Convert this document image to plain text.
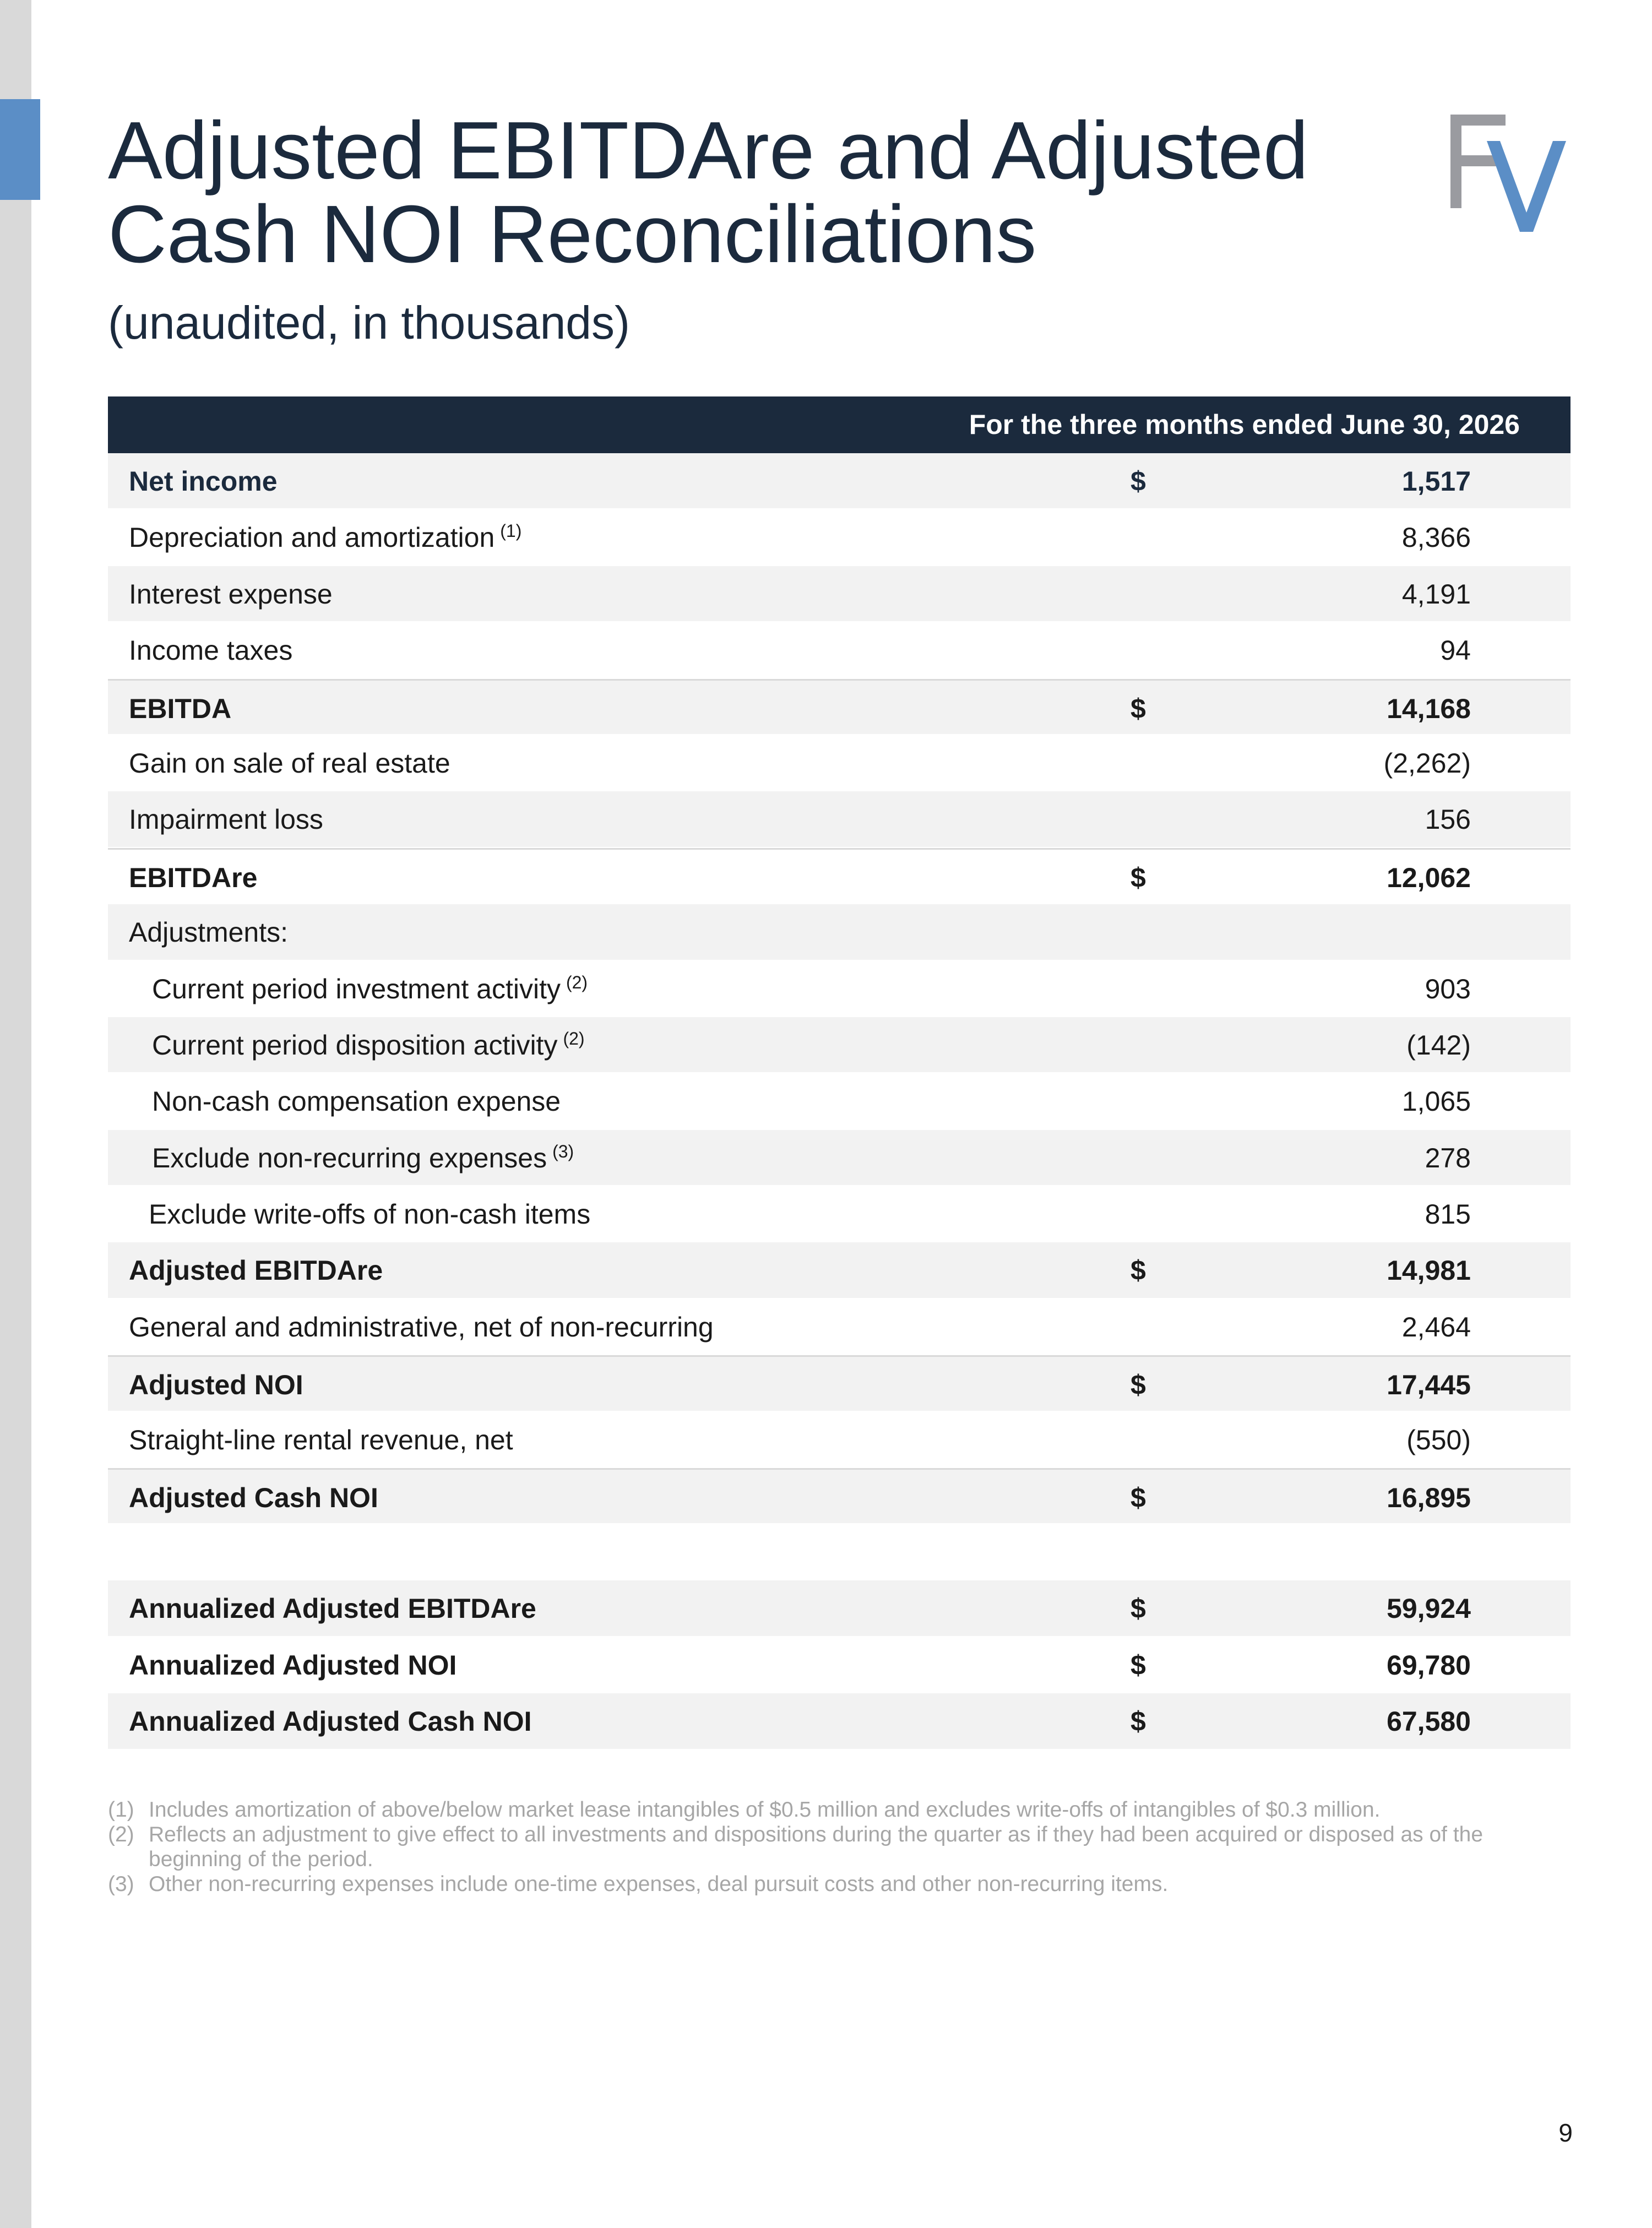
Adjusted EBITDAre and Adjusted
Cash NOI Reconciliations
(unaudited, in thousands)
For the three months ended June 30, 2026
Net income	$	1,517
Depreciation and amortization $^{(1)}$	8,366
Interest expense	4,191
Income taxes	94
EBITDA	$	14,168
Gain on sale of real estate	(2,262)
Impairment loss	156
EBITDAre	$	12,062
Adjustments:
Current period investment activity $^{(2)}$	903
Current period disposition activity $^{(2)}$	(142)
Non-cash compensation expense	1,065
Exclude non-recurring expenses $^{(3)}$	278
Exclude write-offs of non-cash items	815
Adjusted EBITDAre	$	14,981
General and administrative, net of non-recurring	2,464
Adjusted NOI	$	17,445
Straight-line rental revenue, net	(550)
Adjusted Cash NOI	$	16,895
Annualized Adjusted EBITDAre	$	59,924
Annualized Adjusted NOI	$	69,780
Annualized Adjusted Cash NOI	$	67,580
(1) Includes amortization of above/below market lease intangibles of $0.5 million and excludes write-offs of intangibles of $0.3 million.
(2) Reflects an adjustment to give effect to all investments and dispositions during the quarter as if they had been acquired or disposed as of the beginning of the period.
(3) Other non-recurring expenses include one-time expenses, deal pursuit costs and other non-recurring items.
9
